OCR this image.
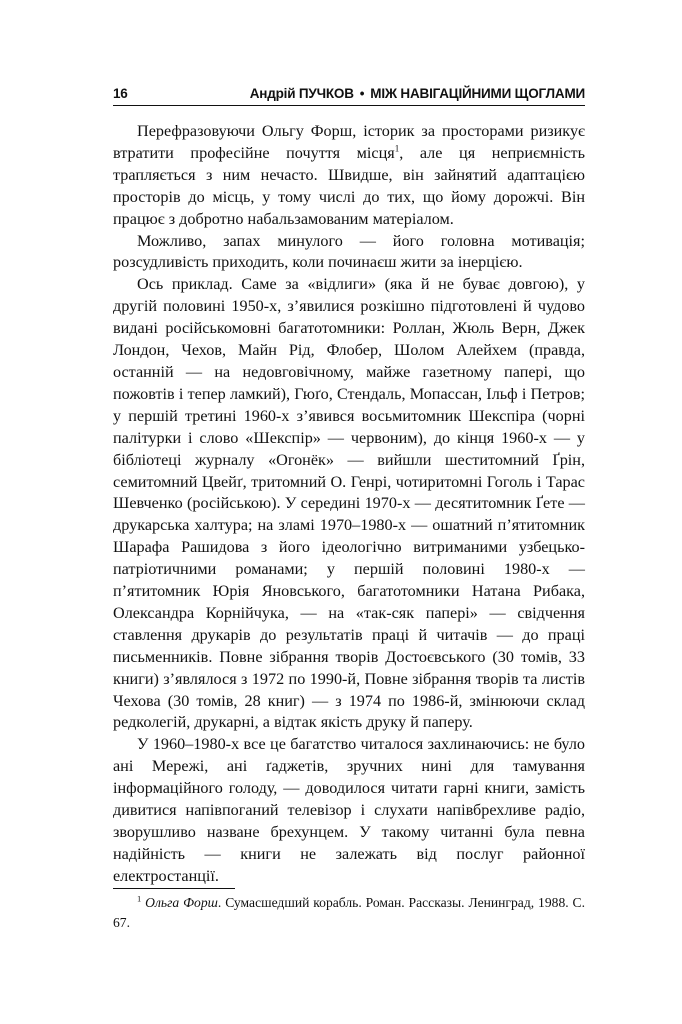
16	Андрій ПУЧКОВ • МІЖ НАВІГАЦІЙНИМИ ЩОГЛАМИ

Перефразовуючи Ольгу Форш, історик за просторами ризикує втратити професійне почуття місця$^1$, але ця неприємність трапляється з ним нечасто. Швидше, він зайнятий адаптацією просторів до місць, у тому числі до тих, що йому дорожчі. Він працює з добротно набальзамованим матеріалом.

Можливо, запах минулого — його головна мотивація; розсудливість приходить, коли починаєш жити за інерцією.

Ось приклад. Саме за «відлиги» (яка й не буває довгою), у другій половині 1950-х, з’явилися розкішно підготовлені й чудово видані російськомовні багатотомники: Роллан, Жюль Верн, Джек Лондон, Чехов, Майн Рід, Флобер, Шолом Алейхем (правда, останній — на недовговічному, майже газетному папері, що пожовтів і тепер ламкий), Гюґо, Стендаль, Мопассан, Ільф і Петров; у першій третині 1960-х з’явився восьмитомник Шекспіра (чорні палітурки і слово «Шекспір» — червоним), до кінця 1960-х — у бібліотеці журналу «Огонёк» — вийшли шеститомний Ґрін, семитомний Цвейґ, тритомний О. Генрі, чотиритомні Гоголь і Тарас Шевченко (російською). У середині 1970-х — десятитомник Ґете — друкарська халтура; на зламі 1970–1980-х — ошатний п’ятитомник Шарафа Рашидова з його ідеологічно витриманими узбецько-патріотичними романами; у першій половині 1980-х — п’ятитомник Юрія Яновського, багатотомники Натана Рибака, Олександра Корнійчука, — на «так-сяк папері» — свідчення ставлення друкарів до результатів праці й читачів — до праці письменників. Повне зібрання творів Достоєвського (30 томів, 33 книги) з’являлося з 1972 по 1990-й, Повне зібрання творів та листів Чехова (30 томів, 28 книг) — з 1974 по 1986-й, змінюючи склад редколегій, друкарні, а відтак якість друку й паперу.

У 1960–1980-х все це багатство читалося захлинаючись: не було ані Мережі, ані ґаджетів, зручних нині для тамування інформаційного голоду, — доводилося читати гарні книги, замість дивитися напівпоганий телевізор і слухати напівбрехливе радіо, зворушливо назване брехунцем. У такому читанні була певна надійність — книги не залежать від послуг районної електростанції.

$^1$ Ольга Форш. Сумасшедший корабль. Роман. Рассказы. Ленинград, 1988. С. 67.
